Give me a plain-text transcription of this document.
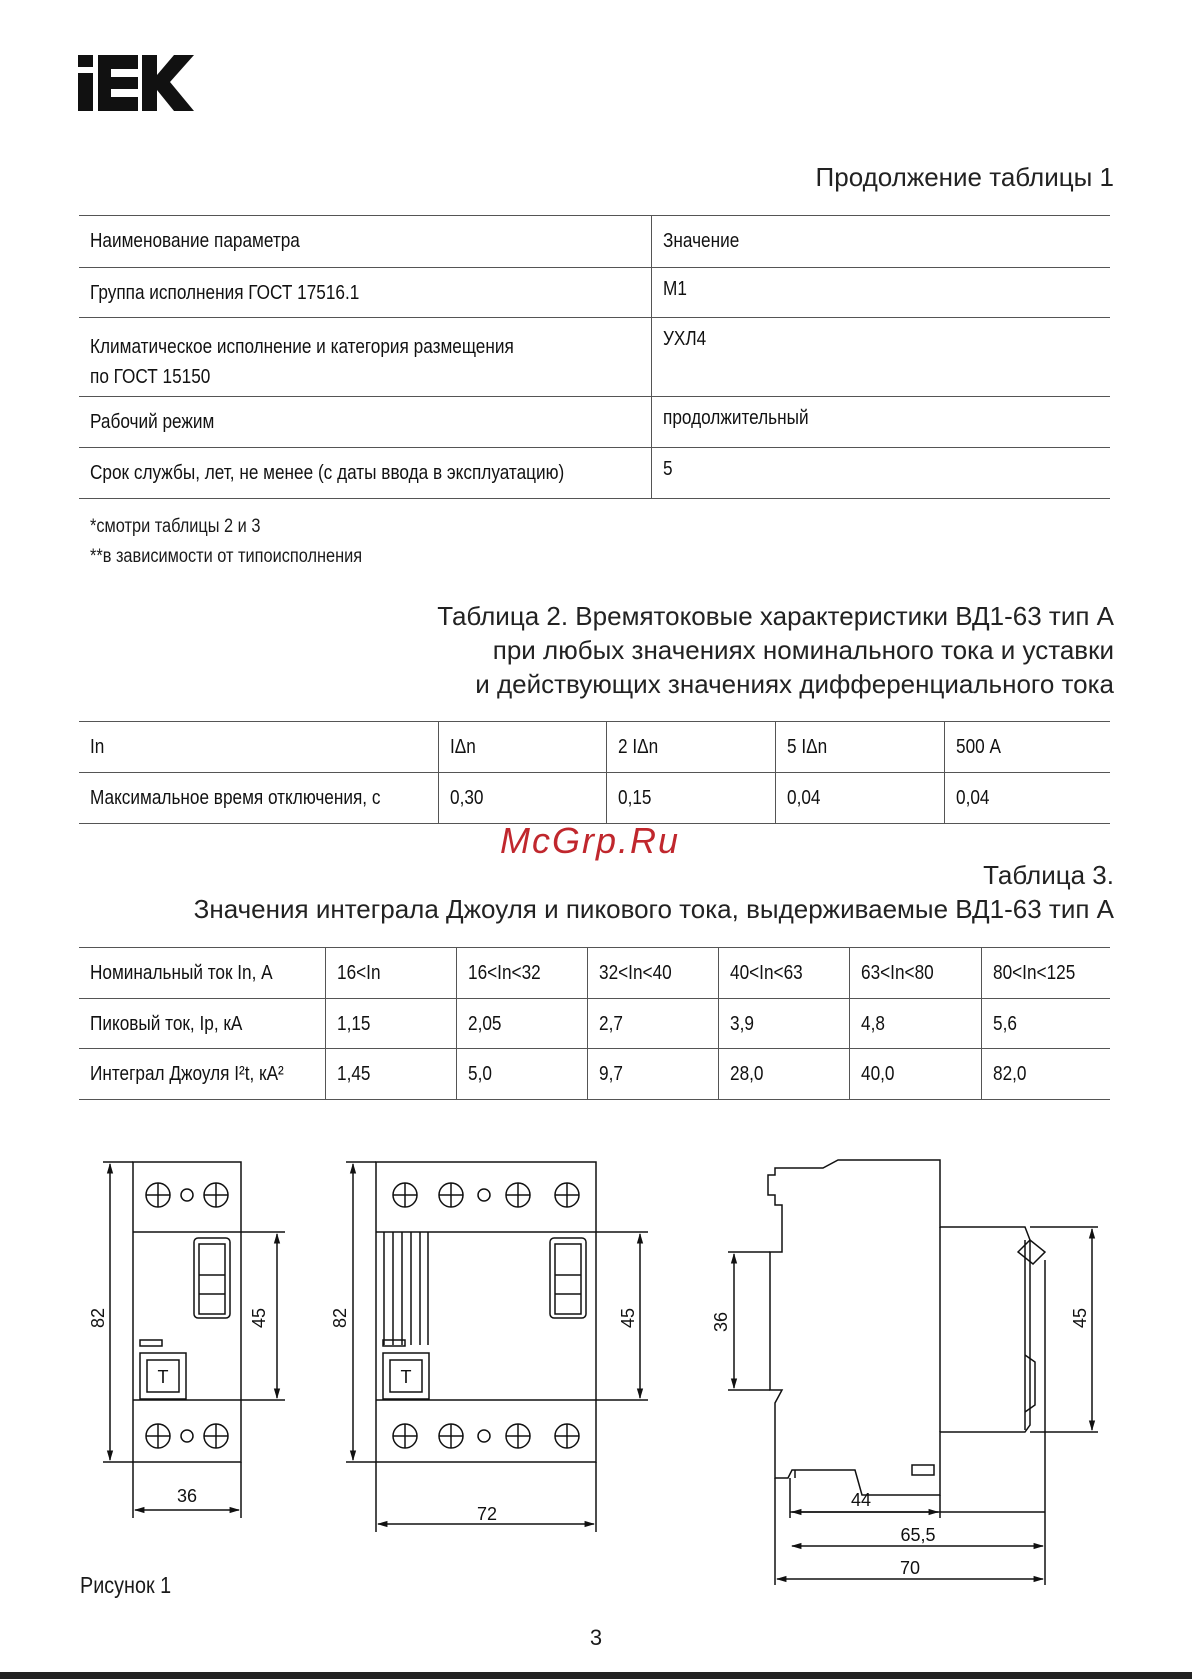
Продолжение таблицы 1
Наименование параметра	Значение
Группа исполнения ГОСТ 17516.1	М1
Климатическое исполнение и категория размещения
по ГОСТ 15150	УХЛ4
Рабочий режим	продолжительный
Срок службы, лет, не менее (с даты ввода в эксплуатацию)	5
*смотри таблицы 2 и 3
**в зависимости от типоисполнения
Таблица 2. Времятоковые характеристики ВД1-63 тип А
при любых значениях номинального тока и уставки
и действующих значениях дифференциального тока
In	IΔn	2 IΔn	5 IΔn	500 А
Максимальное время отключения, с	0,30	0,15	0,04	0,04
McGrp.Ru
Таблица 3.
Значения интеграла Джоуля и пикового тока, выдерживаемые ВД1-63 тип А
Номинальный ток In, А	16<In	16<In<32	32<In<40	40<In<63	63<In<80	80<In<125
Пиковый ток, Ip, кА	1,15	2,05	2,7	3,9	4,8	5,6
Интеграл Джоуля I²t, кА²	1,45	5,0	9,7	28,0	40,0	82,0
82	45
36
Т
82	45
72
Т
36	45
44
65,5
70
Рисунок 1
3
